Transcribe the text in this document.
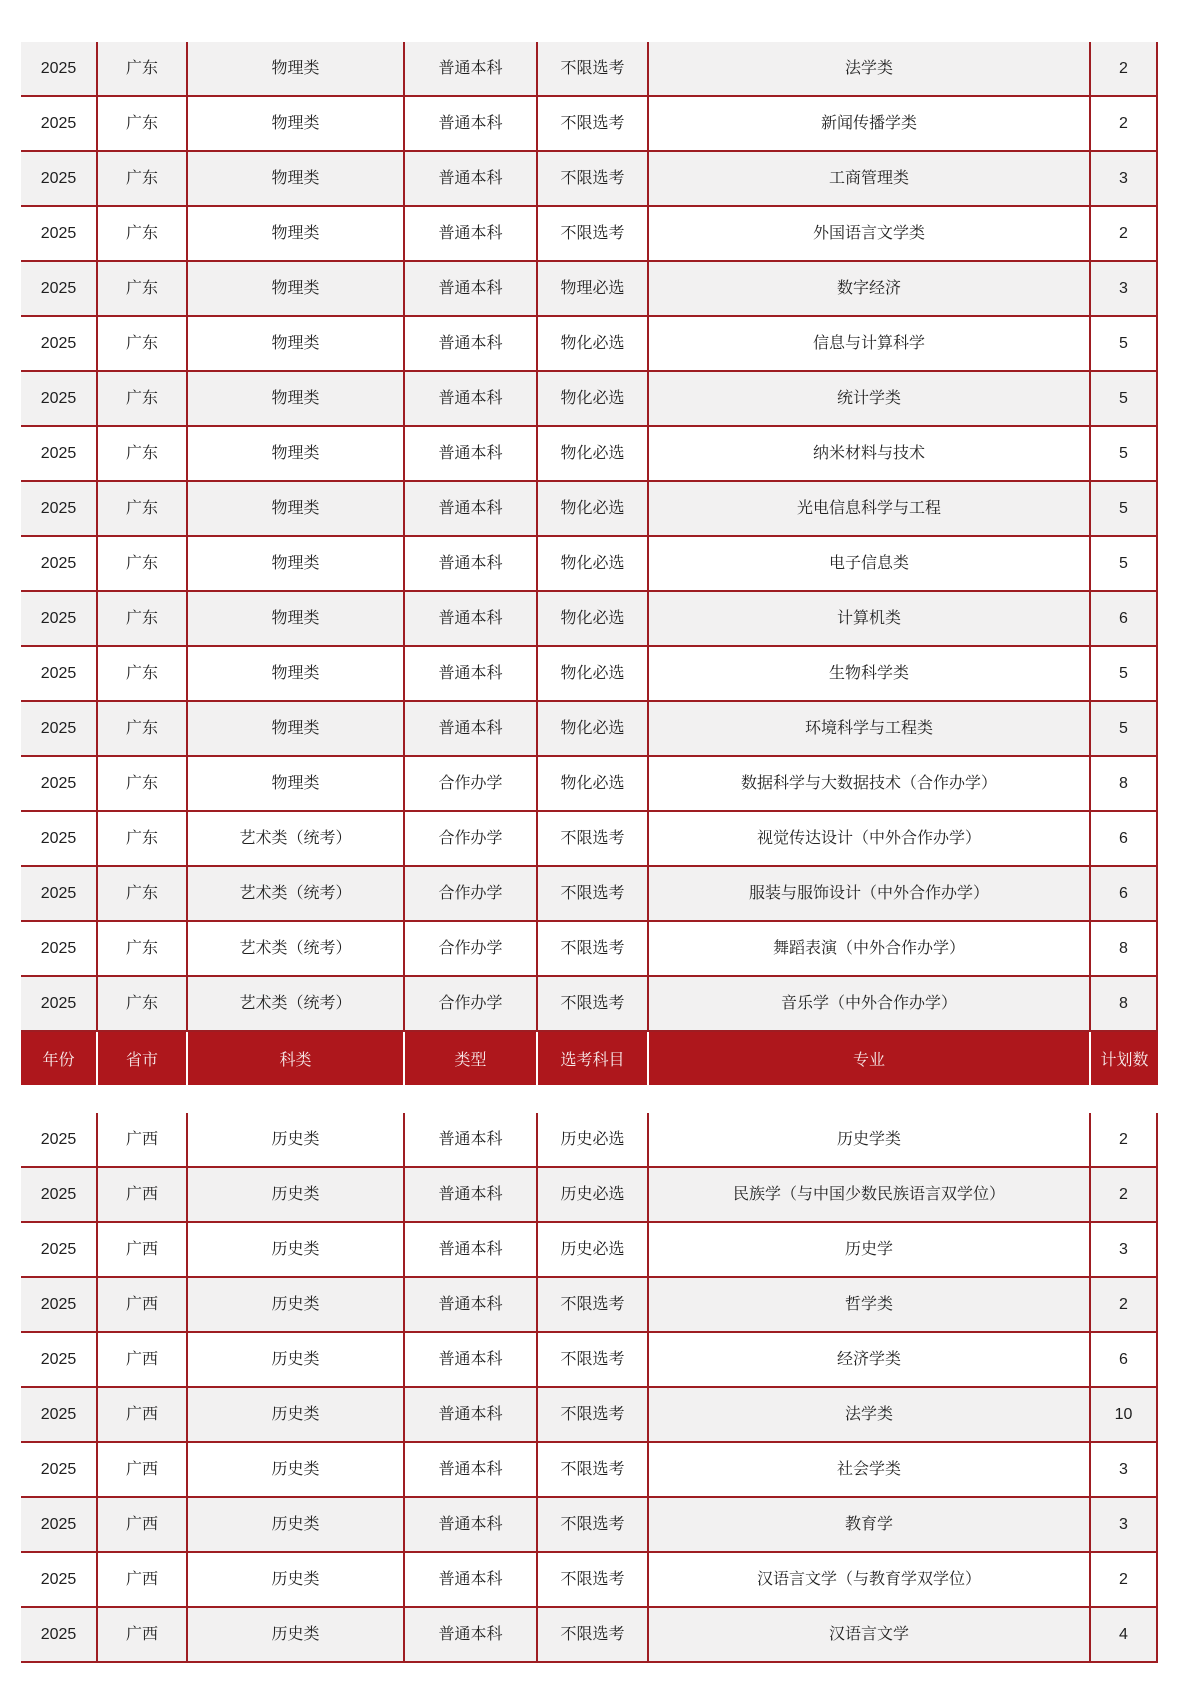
2025	广东	物理类	普通本科	不限选考	法学类	2
2025	广东	物理类	普通本科	不限选考	新闻传播学类	2
2025	广东	物理类	普通本科	不限选考	工商管理类	3
2025	广东	物理类	普通本科	不限选考	外国语言文学类	2
2025	广东	物理类	普通本科	物理必选	数字经济	3
2025	广东	物理类	普通本科	物化必选	信息与计算科学	5
2025	广东	物理类	普通本科	物化必选	统计学类	5
2025	广东	物理类	普通本科	物化必选	纳米材料与技术	5
2025	广东	物理类	普通本科	物化必选	光电信息科学与工程	5
2025	广东	物理类	普通本科	物化必选	电子信息类	5
2025	广东	物理类	普通本科	物化必选	计算机类	6
2025	广东	物理类	普通本科	物化必选	生物科学类	5
2025	广东	物理类	普通本科	物化必选	环境科学与工程类	5
2025	广东	物理类	合作办学	物化必选	数据科学与大数据技术（合作办学）	8
2025	广东	艺术类（统考）	合作办学	不限选考	视觉传达设计（中外合作办学）	6
2025	广东	艺术类（统考）	合作办学	不限选考	服装与服饰设计（中外合作办学）	6
2025	广东	艺术类（统考）	合作办学	不限选考	舞蹈表演（中外合作办学）	8
2025	广东	艺术类（统考）	合作办学	不限选考	音乐学（中外合作办学）	8
年份	省市	科类	类型	选考科目	专业	计划数
2025	广西	历史类	普通本科	历史必选	历史学类	2
2025	广西	历史类	普通本科	历史必选	民族学（与中国少数民族语言双学位）	2
2025	广西	历史类	普通本科	历史必选	历史学	3
2025	广西	历史类	普通本科	不限选考	哲学类	2
2025	广西	历史类	普通本科	不限选考	经济学类	6
2025	广西	历史类	普通本科	不限选考	法学类	10
2025	广西	历史类	普通本科	不限选考	社会学类	3
2025	广西	历史类	普通本科	不限选考	教育学	3
2025	广西	历史类	普通本科	不限选考	汉语言文学（与教育学双学位）	2
2025	广西	历史类	普通本科	不限选考	汉语言文学	4
